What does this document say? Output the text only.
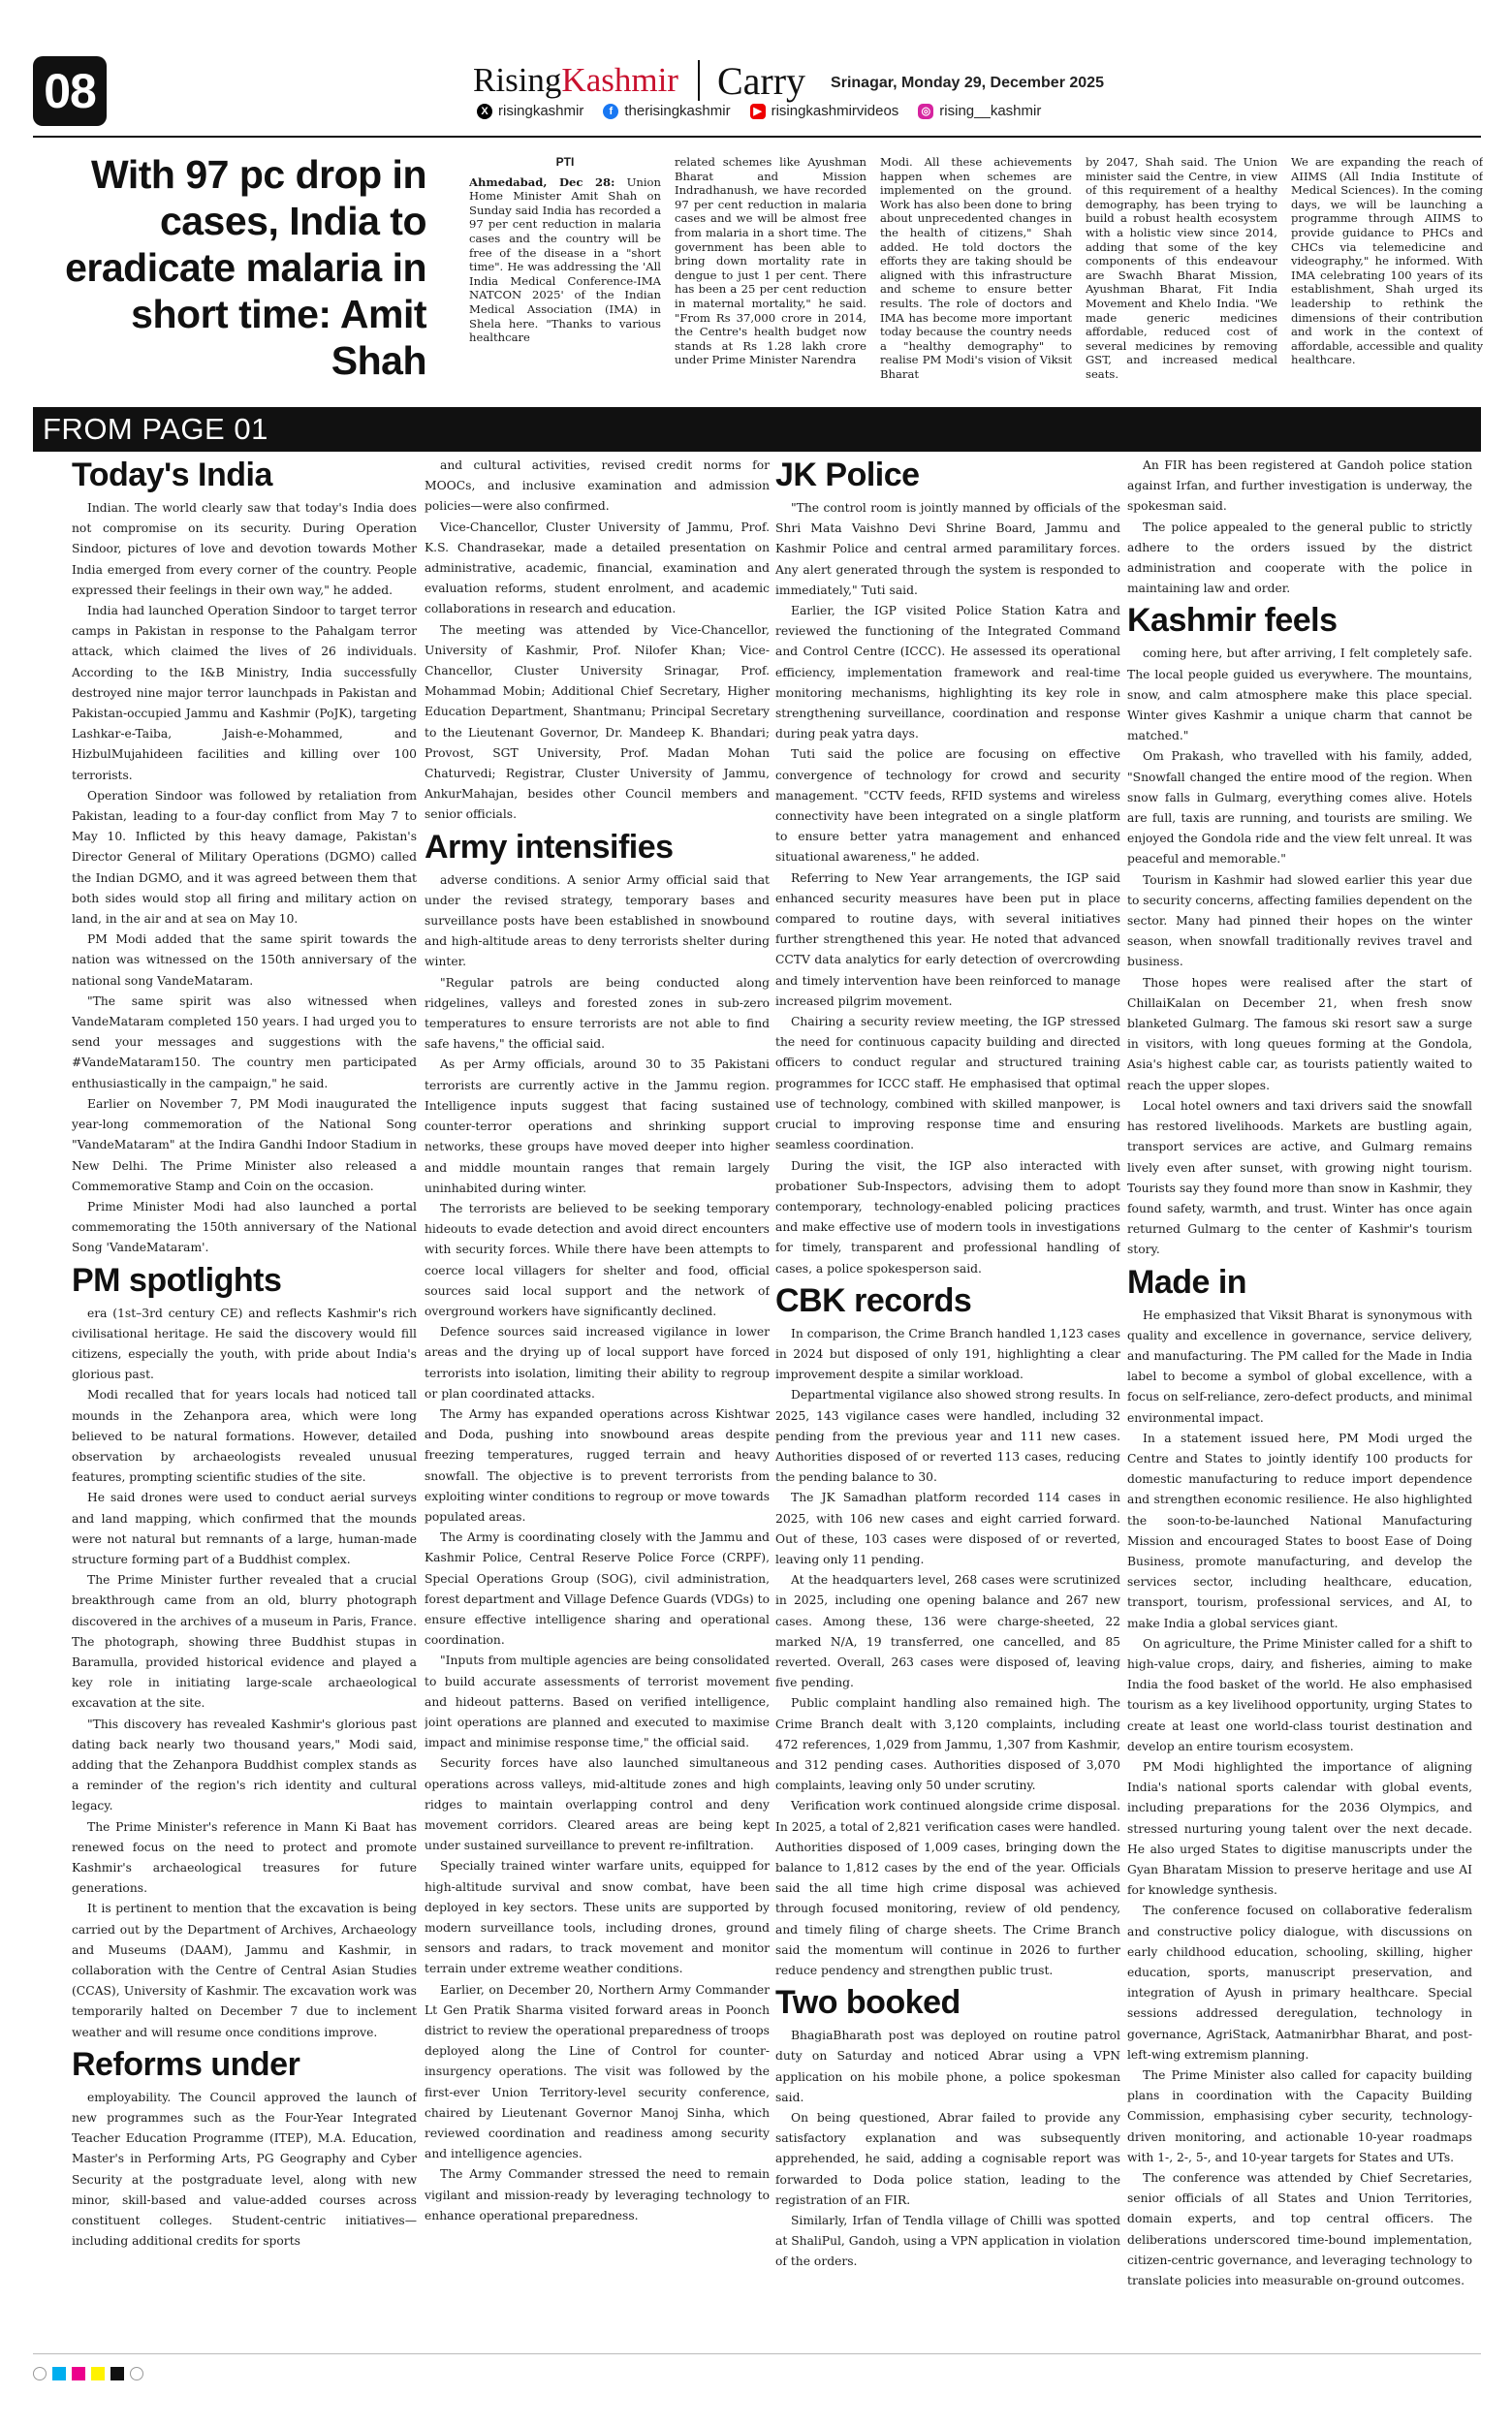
08	Rising Kashmir Carry Srinagar, Monday 29, December 2025
X risingkashmir	f therisingkashmir	▶ risingkashmirvideos ◎ rising__kashmir
With 97 pc drop in cases, India to eradicate malaria in short time: Amit Shah
PTI
Ahmedabad, Dec 28: Union Home Minister Amit Shah on Sunday said India has recorded a 97 per cent reduction in malaria cases and the country will be free of the disease in a "short time". He was addressing the 'All India Medical Conference-IMA NATCON 2025' of the Indian Medical Association (IMA) in Shela here. "Thanks to various healthcare
related schemes like Ayushman Bharat and Mission Indradhanush, we have recorded 97 per cent reduction in malaria cases and we will be almost free from malaria in a short time. The government has been able to bring down mortality rate in dengue to just 1 per cent. There has been a 25 per cent reduction in maternal mortality," he said. "From Rs 37,000 crore in 2014, the Centre's health budget now stands at Rs 1.28 lakh crore under Prime Minister Narendra
Modi. All these achievements happen when schemes are implemented on the ground. Work has also been done to bring about unprecedented changes in the health of citizens," Shah added. He told doctors the efforts they are taking should be aligned with this infrastructure and scheme to ensure better results. The role of doctors and IMA has become more important today because the country needs a "healthy demography" to realise PM Modi's vision of Viksit Bharat
by 2047, Shah said. The Union minister said the Centre, in view of this requirement of a healthy demography, has been trying to build a robust health ecosystem with a holistic view since 2014, adding that some of the key components of this endeavour are Swachh Bharat Mission, Ayushman Bharat, Fit India Movement and Khelo India. "We made generic medicines affordable, reduced cost of several medicines by removing GST, and increased medical seats.
We are expanding the reach of AIIMS (All India Institute of Medical Sciences). In the coming days, we will be launching a programme through AIIMS to provide guidance to PHCs and CHCs via telemedicine and videography," he informed. With IMA celebrating 100 years of its establishment, Shah urged its leadership to rethink the dimensions of their contribution and work in the context of affordable, accessible and quality healthcare.
FROM PAGE 01
Today's India

Indian. The world clearly saw that today's India does not compromise on its security. During Operation Sindoor, pictures of love and devotion towards Mother India emerged from every corner of the country. People expressed their feelings in their own way," he added.

India had launched Operation Sindoor to target terror camps in Pakistan in response to the Pahalgam terror attack, which claimed the lives of 26 individuals. According to the I&B Ministry, India successfully destroyed nine major terror launchpads in Pakistan and Pakistan-occupied Jammu and Kashmir (PoJK), targeting Lashkar-e-Taiba, Jaish-e-Mohammed, and HizbulMujahideen facilities and killing over 100 terrorists.

Operation Sindoor was followed by retaliation from Pakistan, leading to a four-day conflict from May 7 to May 10. Inflicted by this heavy damage, Pakistan's Director General of Military Operations (DGMO) called the Indian DGMO, and it was agreed between them that both sides would stop all firing and military action on land, in the air and at sea on May 10.

PM Modi added that the same spirit towards the nation was witnessed on the 150th anniversary of the national song VandeMataram.

"The same spirit was also witnessed when VandeMataram completed 150 years. I had urged you to send your messages and suggestions with the #VandeMataram150. The country men participated enthusiastically in the campaign," he said.

Earlier on November 7, PM Modi inaugurated the year-long commemoration of the National Song "VandeMataram" at the Indira Gandhi Indoor Stadium in New Delhi. The Prime Minister also released a Commemorative Stamp and Coin on the occasion.

Prime Minister Modi had also launched a portal commemorating the 150th anniversary of the National Song 'VandeMataram'.

PM spotlights

era (1st–3rd century CE) and reflects Kashmir's rich civilisational heritage. He said the discovery would fill citizens, especially the youth, with pride about India's glorious past.

Modi recalled that for years locals had noticed tall mounds in the Zehanpora area, which were long believed to be natural formations. However, detailed observation by archaeologists revealed unusual features, prompting scientific studies of the site.

He said drones were used to conduct aerial surveys and land mapping, which confirmed that the mounds were not natural but remnants of a large, human-made structure forming part of a Buddhist complex.

The Prime Minister further revealed that a crucial breakthrough came from an old, blurry photograph discovered in the archives of a museum in Paris, France. The photograph, showing three Buddhist stupas in Baramulla, provided historical evidence and played a key role in initiating large-scale archaeological excavation at the site.

"This discovery has revealed Kashmir's glorious past dating back nearly two thousand years," Modi said, adding that the Zehanpora Buddhist complex stands as a reminder of the region's rich identity and cultural legacy.

The Prime Minister's reference in Mann Ki Baat has renewed focus on the need to protect and promote Kashmir's archaeological treasures for future generations.

It is pertinent to mention that the excavation is being carried out by the Department of Archives, Archaeology and Museums (DAAM), Jammu and Kashmir, in collaboration with the Centre of Central Asian Studies (CCAS), University of Kashmir. The excavation work was temporarily halted on December 7 due to inclement weather and will resume once conditions improve.

Reforms under

employability. The Council approved the launch of new programmes such as the Four-Year Integrated Teacher Education Programme (ITEP), M.A. Education, Master's in Performing Arts, PG Geography and Cyber Security at the postgraduate level, along with new minor, skill-based and value-added courses across constituent colleges. Student-centric initiatives—including additional credits for sports

and cultural activities, revised credit norms for MOOCs, and inclusive examination and admission policies—were also confirmed.

Vice-Chancellor, Cluster University of Jammu, Prof. K.S. Chandrasekar, made a detailed presentation on administrative, academic, financial, examination and evaluation reforms, student enrolment, and academic collaborations in research and education.

The meeting was attended by Vice-Chancellor, University of Kashmir, Prof. Nilofer Khan; Vice-Chancellor, Cluster University Srinagar, Prof. Mohammad Mobin; Additional Chief Secretary, Higher Education Department, Shantmanu; Principal Secretary to the Lieutenant Governor, Dr. Mandeep K. Bhandari; Provost, SGT University, Prof. Madan Mohan Chaturvedi; Registrar, Cluster University of Jammu, AnkurMahajan, besides other Council members and senior officials.

Army intensifies

adverse conditions. A senior Army official said that under the revised strategy, temporary bases and surveillance posts have been established in snowbound and high-altitude areas to deny terrorists shelter during winter.

"Regular patrols are being conducted along ridgelines, valleys and forested zones in sub-zero temperatures to ensure terrorists are not able to find safe havens," the official said.

As per Army officials, around 30 to 35 Pakistani terrorists are currently active in the Jammu region. Intelligence inputs suggest that facing sustained counter-terror operations and shrinking support networks, these groups have moved deeper into higher and middle mountain ranges that remain largely uninhabited during winter.

The terrorists are believed to be seeking temporary hideouts to evade detection and avoid direct encounters with security forces. While there have been attempts to coerce local villagers for shelter and food, official sources said local support and the network of overground workers have significantly declined.

Defence sources said increased vigilance in lower areas and the drying up of local support have forced terrorists into isolation, limiting their ability to regroup or plan coordinated attacks.

The Army has expanded operations across Kishtwar and Doda, pushing into snowbound areas despite freezing temperatures, rugged terrain and heavy snowfall. The objective is to prevent terrorists from exploiting winter conditions to regroup or move towards populated areas.

The Army is coordinating closely with the Jammu and Kashmir Police, Central Reserve Police Force (CRPF), Special Operations Group (SOG), civil administration, forest department and Village Defence Guards (VDGs) to ensure effective intelligence sharing and operational coordination.

"Inputs from multiple agencies are being consolidated to build accurate assessments of terrorist movement and hideout patterns. Based on verified intelligence, joint operations are planned and executed to maximise impact and minimise response time," the official said.

Security forces have also launched simultaneous operations across valleys, mid-altitude zones and high ridges to maintain overlapping control and deny movement corridors. Cleared areas are being kept under sustained surveillance to prevent re-infiltration.

Specially trained winter warfare units, equipped for high-altitude survival and snow combat, have been deployed in key sectors. These units are supported by modern surveillance tools, including drones, ground sensors and radars, to track movement and monitor terrain under extreme weather conditions.

Earlier, on December 20, Northern Army Commander Lt Gen Pratik Sharma visited forward areas in Poonch district to review the operational preparedness of troops deployed along the Line of Control for counter-insurgency operations. The visit was followed by the first-ever Union Territory-level security conference, chaired by Lieutenant Governor Manoj Sinha, which reviewed coordination and readiness among security and intelligence agencies.

The Army Commander stressed the need to remain vigilant and mission-ready by leveraging technology to enhance operational preparedness.

JK Police

"The control room is jointly manned by officials of the Shri Mata Vaishno Devi Shrine Board, Jammu and Kashmir Police and central armed paramilitary forces. Any alert generated through the system is responded to immediately," Tuti said.

Earlier, the IGP visited Police Station Katra and reviewed the functioning of the Integrated Command and Control Centre (ICCC). He assessed its operational efficiency, implementation framework and real-time monitoring mechanisms, highlighting its key role in strengthening surveillance, coordination and response during peak yatra days.

Tuti said the police are focusing on effective convergence of technology for crowd and security management. "CCTV feeds, RFID systems and wireless connectivity have been integrated on a single platform to ensure better yatra management and enhanced situational awareness," he added.

Referring to New Year arrangements, the IGP said enhanced security measures have been put in place compared to routine days, with several initiatives further strengthened this year. He noted that advanced CCTV data analytics for early detection of overcrowding and timely intervention have been reinforced to manage increased pilgrim movement.

Chairing a security review meeting, the IGP stressed the need for continuous capacity building and directed officers to conduct regular and structured training programmes for ICCC staff. He emphasised that optimal use of technology, combined with skilled manpower, is crucial to improving response time and ensuring seamless coordination.

During the visit, the IGP also interacted with probationer Sub-Inspectors, advising them to adopt contemporary, technology-enabled policing practices and make effective use of modern tools in investigations for timely, transparent and professional handling of cases, a police spokesperson said.

CBK records

In comparison, the Crime Branch handled 1,123 cases in 2024 but disposed of only 191, highlighting a clear improvement despite a similar workload.

Departmental vigilance also showed strong results. In 2025, 143 vigilance cases were handled, including 32 pending from the previous year and 111 new cases. Authorities disposed of or reverted 113 cases, reducing the pending balance to 30.

The JK Samadhan platform recorded 114 cases in 2025, with 106 new cases and eight carried forward. Out of these, 103 cases were disposed of or reverted, leaving only 11 pending.

At the headquarters level, 268 cases were scrutinized in 2025, including one opening balance and 267 new cases. Among these, 136 were charge-sheeted, 22 marked N/A, 19 transferred, one cancelled, and 85 reverted. Overall, 263 cases were disposed of, leaving five pending.

Public complaint handling also remained high. The Crime Branch dealt with 3,120 complaints, including 472 references, 1,029 from Jammu, 1,307 from Kashmir, and 312 pending cases. Authorities disposed of 3,070 complaints, leaving only 50 under scrutiny.

Verification work continued alongside crime disposal. In 2025, a total of 2,821 verification cases were handled. Authorities disposed of 1,009 cases, bringing down the balance to 1,812 cases by the end of the year. Officials said the all time high crime disposal was achieved through focused monitoring, review of old pendency, and timely filing of charge sheets. The Crime Branch said the momentum will continue in 2026 to further reduce pendency and strengthen public trust.

Two booked

BhagiaBharath post was deployed on routine patrol duty on Saturday and noticed Abrar using a VPN application on his mobile phone, a police spokesman said.

On being questioned, Abrar failed to provide any satisfactory explanation and was subsequently apprehended, he said, adding a cognisable report was forwarded to Doda police station, leading to the registration of an FIR.

Similarly, Irfan of Tendla village of Chilli was spotted at ShaliPul, Gandoh, using a VPN application in violation of the orders.

An FIR has been registered at Gandoh police station against Irfan, and further investigation is underway, the spokesman said.

The police appealed to the general public to strictly adhere to the orders issued by the district administration and cooperate with the police in maintaining law and order.

Kashmir feels

coming here, but after arriving, I felt completely safe. The local people guided us everywhere. The mountains, snow, and calm atmosphere make this place special. Winter gives Kashmir a unique charm that cannot be matched."

Om Prakash, who travelled with his family, added, "Snowfall changed the entire mood of the region. When snow falls in Gulmarg, everything comes alive. Hotels are full, taxis are running, and tourists are smiling. We enjoyed the Gondola ride and the view felt unreal. It was peaceful and memorable."

Tourism in Kashmir had slowed earlier this year due to security concerns, affecting families dependent on the sector. Many had pinned their hopes on the winter season, when snowfall traditionally revives travel and business.

Those hopes were realised after the start of ChillaiKalan on December 21, when fresh snow blanketed Gulmarg. The famous ski resort saw a surge in visitors, with long queues forming at the Gondola, Asia's highest cable car, as tourists patiently waited to reach the upper slopes.

Local hotel owners and taxi drivers said the snowfall has restored livelihoods. Markets are bustling again, transport services are active, and Gulmarg remains lively even after sunset, with growing night tourism. Tourists say they found more than snow in Kashmir, they found safety, warmth, and trust. Winter has once again returned Gulmarg to the center of Kashmir's tourism story.

Made in

He emphasized that Viksit Bharat is synonymous with quality and excellence in governance, service delivery, and manufacturing. The PM called for the Made in India label to become a symbol of global excellence, with a focus on self-reliance, zero-defect products, and minimal environmental impact.

In a statement issued here, PM Modi urged the Centre and States to jointly identify 100 products for domestic manufacturing to reduce import dependence and strengthen economic resilience. He also highlighted the soon-to-be-launched National Manufacturing Mission and encouraged States to boost Ease of Doing Business, promote manufacturing, and develop the services sector, including healthcare, education, transport, tourism, professional services, and AI, to make India a global services giant.

On agriculture, the Prime Minister called for a shift to high-value crops, dairy, and fisheries, aiming to make India the food basket of the world. He also emphasised tourism as a key livelihood opportunity, urging States to create at least one world-class tourist destination and develop an entire tourism ecosystem.

PM Modi highlighted the importance of aligning India's national sports calendar with global events, including preparations for the 2036 Olympics, and stressed nurturing young talent over the next decade. He also urged States to digitise manuscripts under the Gyan Bharatam Mission to preserve heritage and use AI for knowledge synthesis.

The conference focused on collaborative federalism and constructive policy dialogue, with discussions on early childhood education, schooling, skilling, higher education, sports, manuscript preservation, and integration of Ayush in primary healthcare. Special sessions addressed deregulation, technology in governance, AgriStack, Aatmanirbhar Bharat, and post-left-wing extremism planning.

The Prime Minister also called for capacity building plans in coordination with the Capacity Building Commission, emphasising cyber security, technology-driven monitoring, and actionable 10-year roadmaps with 1-, 2-, 5-, and 10-year targets for States and UTs.

The conference was attended by Chief Secretaries, senior officials of all States and Union Territories, domain experts, and top central officers. The deliberations underscored time-bound implementation, citizen-centric governance, and leveraging technology to translate policies into measurable on-ground outcomes.
